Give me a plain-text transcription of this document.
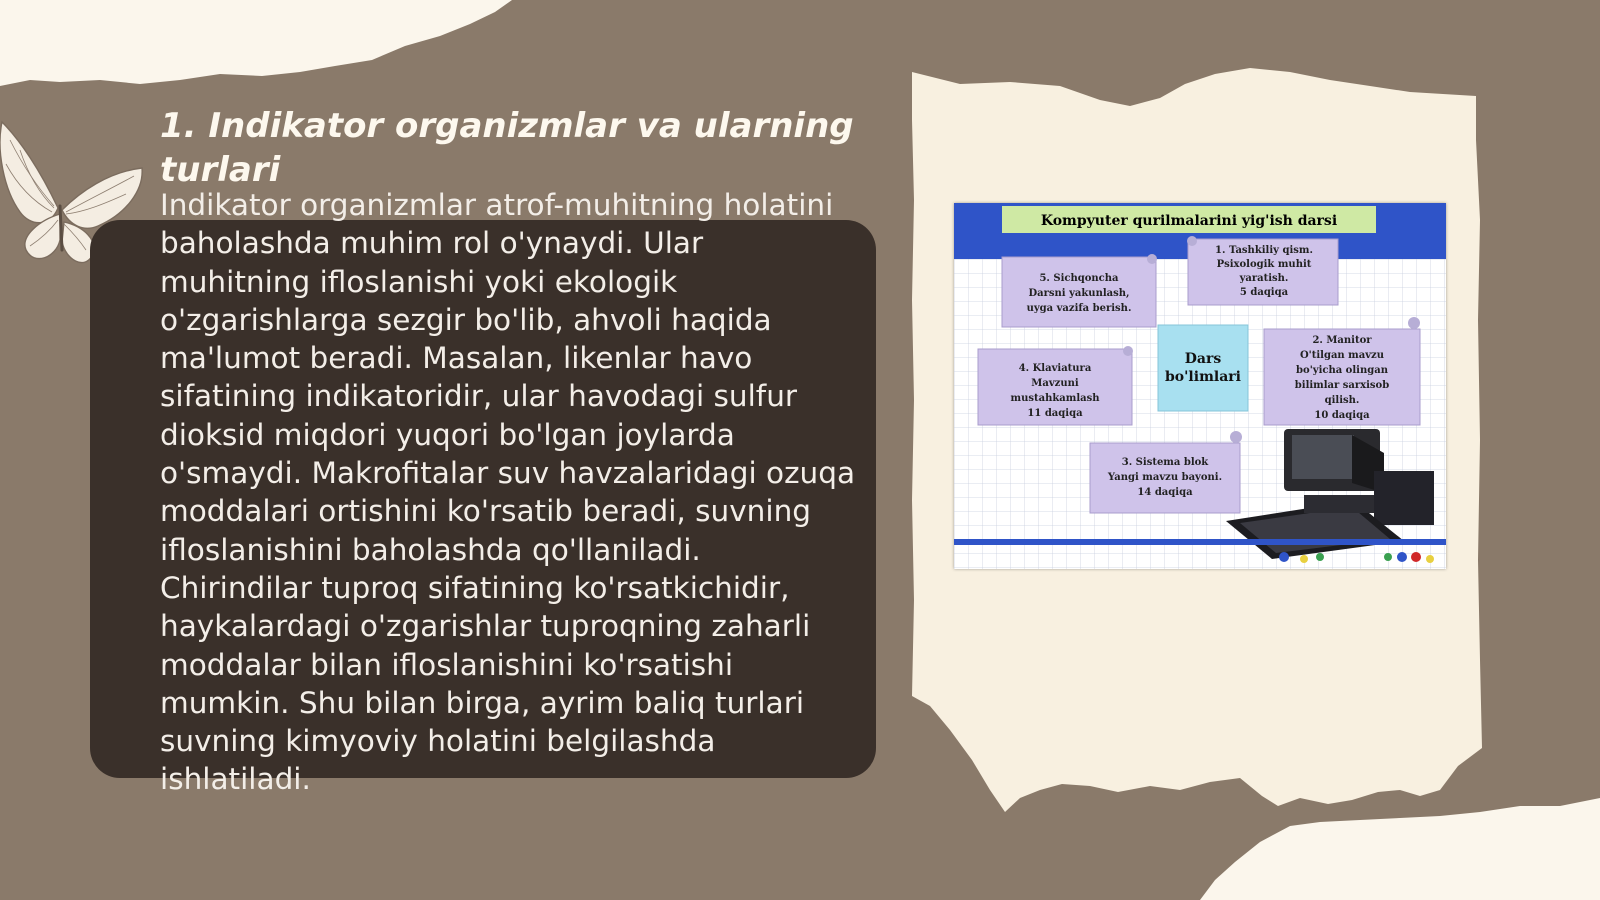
1. Indikator organizmlar va ularning turlari

Indikator organizmlar atrof-muhitning holatini baholashda muhim rol o'ynaydi. Ular muhitning ifloslanishi yoki ekologik o'zgarishlarga sezgir bo'lib, ahvoli haqida ma'lumot beradi. Masalan, likenlar havo sifatining indikatoridir, ular havodagi sulfur dioksid miqdori yuqori bo'lgan joylarda o'smaydi. Makrofitalar suv havzalaridagi ozuqa moddalari ortishini ko'rsatib beradi, suvning ifloslanishini baholashda qo'llaniladi. Chirindilar tuproq sifatining ko'rsatkichidir, haykalardagi o'zgarishlar tuproqning zaharli moddalar bilan ifloslanishini ko'rsatishi mumkin. Shu bilan birga, ayrim baliq turlari suvning kimyoviy holatini belgilashda ishlatiladi.

Kompyuter qurilmalarini yig'ish darsi
1. Tashkiliy qism.
Psixologik muhit
yaratish.
5 daqiqa
5. Sichqoncha
Darsni yakunlash,
uyga vazifa berish.
Dars
bo'limlari
4. Klaviatura
Mavzuni
mustahkamlash
11 daqiqa
2. Manitor
O'tilgan mavzu
bo'yicha olingan
bilimlar sarxisob
qilish.
10 daqiqa
3. Sistema blok
Yangi mavzu bayoni.
14 daqiqa
